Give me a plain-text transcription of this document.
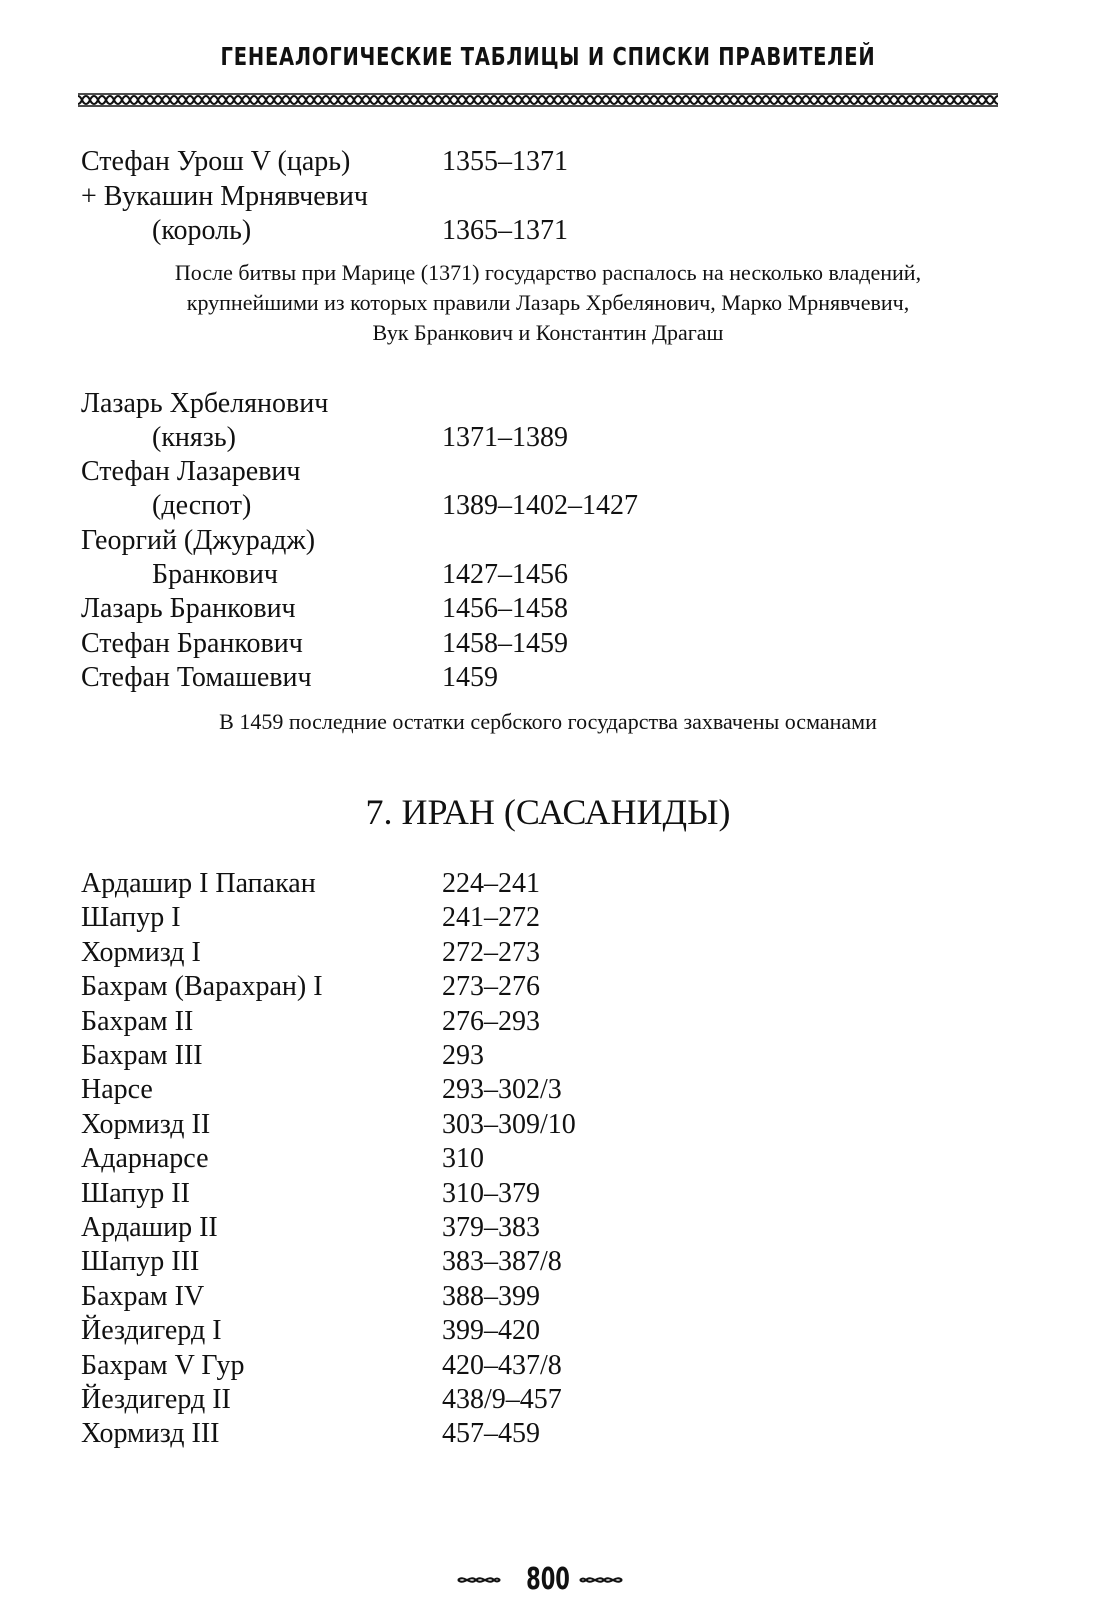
ГЕНЕАЛОГИЧЕСКИЕ ТАБЛИЦЫ И СПИСКИ ПРАВИТЕЛЕЙ
Стефан Урош V (царь)	1355–1371
+ Вукашин Мрнявчевич
(король)	1365–1371
После битвы при Марице (1371) государство распалось на несколько владений,
крупнейшими из которых правили Лазарь Хрбелянович, Марко Мрнявчевич,
Вук Бранкович и Константин Драгаш
Лазарь Хрбелянович
(князь)	1371–1389
Стефан Лазаревич
(деспот)	1389–1402–1427
Георгий (Джурадж)
Бранкович	1427–1456
Лазарь Бранкович	1456–1458
Стефан Бранкович	1458–1459
Стефан Томашевич	1459
В 1459 последние остатки сербского государства захвачены османами
7. ИРАН (САСАНИДЫ)
Ардашир I Папакан	224–241
Шапур I	241–272
Хормизд I	272–273
Бахрам (Варахран) I	273–276
Бахрам II	276–293
Бахрам III	293
Нарсе	293–302/3
Хормизд II	303–309/10
Адарнарсе	310
Шапур II	310–379
Ардашир II	379–383
Шапур III	383–387/8
Бахрам IV	388–399
Йездигерд I	399–420
Бахрам V Гур	420–437/8
Йездигерд II	438/9–457
Хормизд III	457–459
800
